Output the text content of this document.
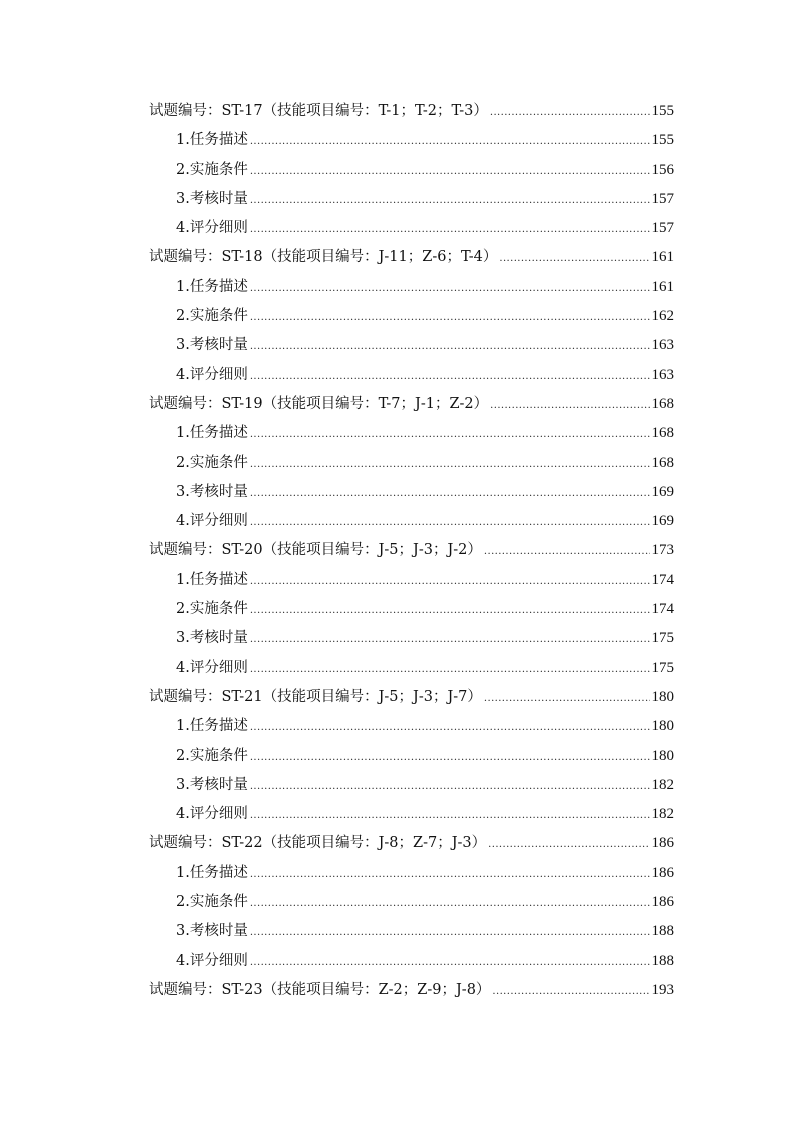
试题编号：ST-17（技能项目编号：T-1；T-2；T-3） .....	155
1.任务描述 .....	155
2.实施条件 .....	156
3.考核时量 .....	157
4.评分细则 .....	157
试题编号：ST-18（技能项目编号：J-11；Z-6；T-4） .....	161
1.任务描述 .....	161
2.实施条件 .....	162
3.考核时量 .....	163
4.评分细则 .....	163
试题编号：ST-19（技能项目编号：T-7；J-1；Z-2） .....	168
1.任务描述 .....	168
2.实施条件 .....	168
3.考核时量 .....	169
4.评分细则 .....	169
试题编号：ST-20（技能项目编号：J-5；J-3；J-2） .....	173
1.任务描述 .....	174
2.实施条件 .....	174
3.考核时量 .....	175
4.评分细则 .....	175
试题编号：ST-21（技能项目编号：J-5；J-3；J-7） .....	180
1.任务描述 .....	180
2.实施条件 .....	180
3.考核时量 .....	182
4.评分细则 .....	182
试题编号：ST-22（技能项目编号：J-8；Z-7；J-3） .....	186
1.任务描述 .....	186
2.实施条件 .....	186
3.考核时量 .....	188
4.评分细则 .....	188
试题编号：ST-23（技能项目编号：Z-2；Z-9；J-8） .....	193
